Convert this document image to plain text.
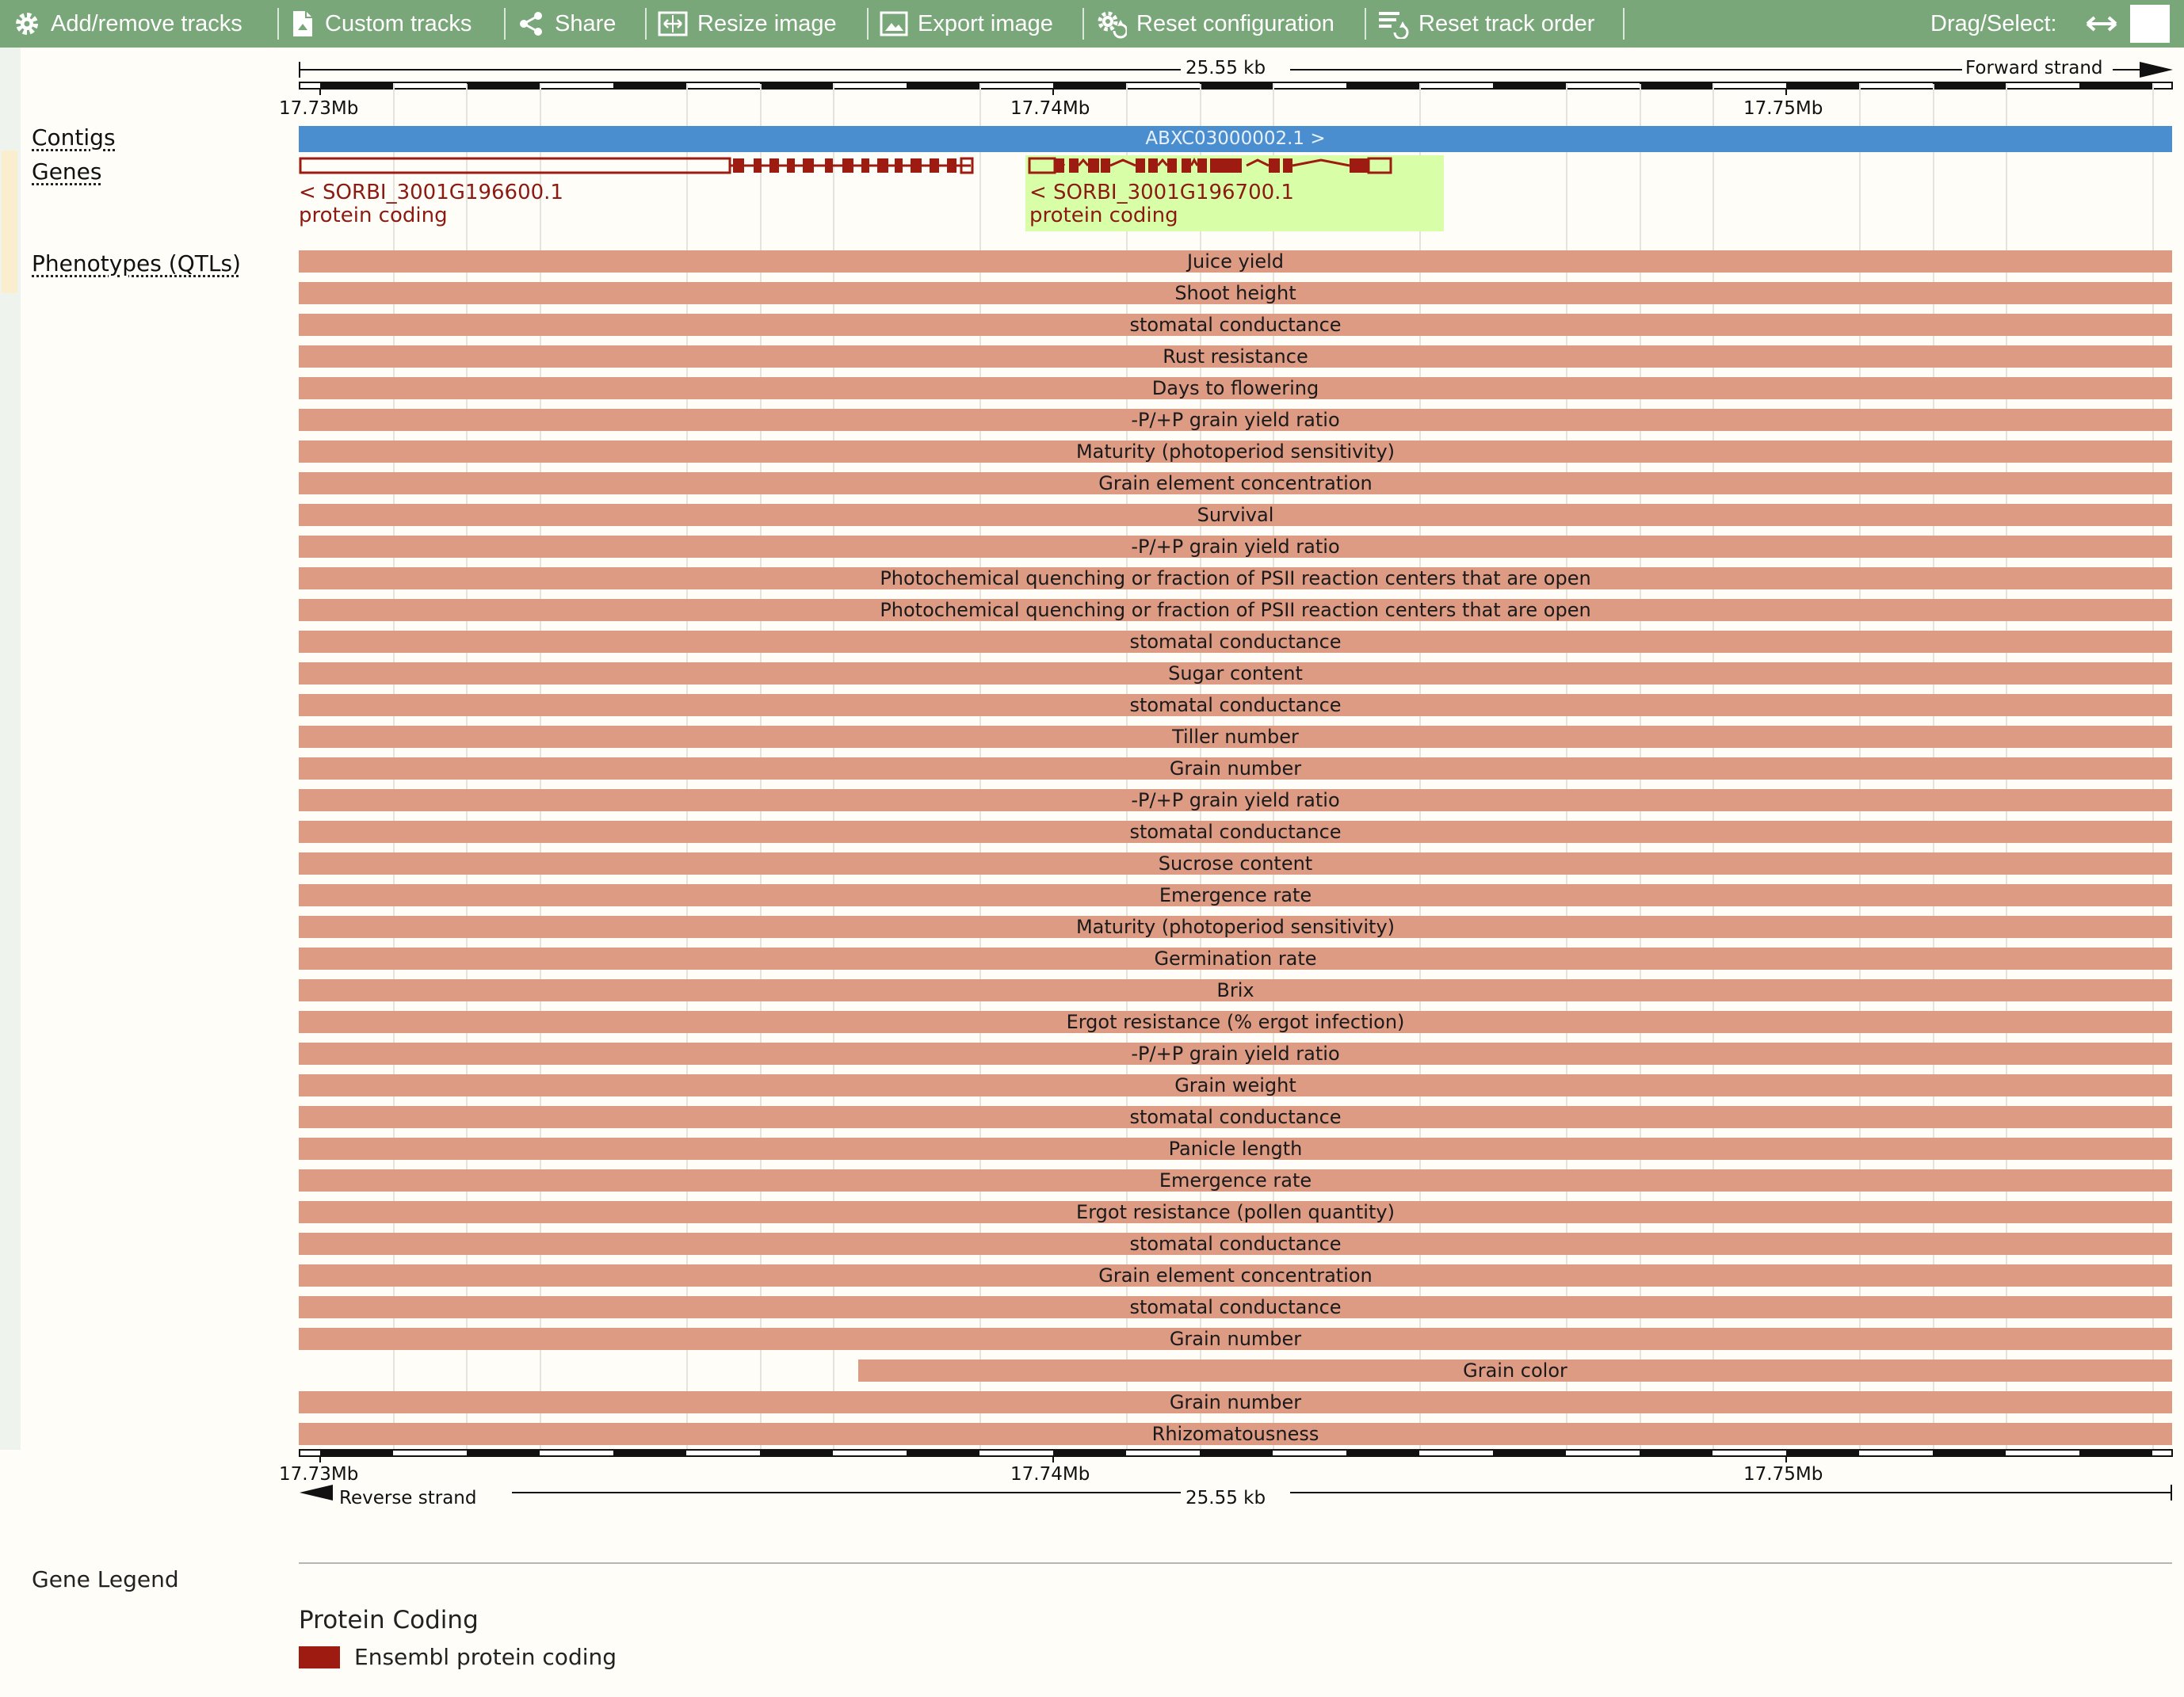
Add/remove tracks	Custom tracks	Share	Resize image	Export image	Reset configuration	Reset track order	Drag/Select:
25.55 kb	Forward strand
17.73Mb	17.74Mb	17.75Mb
Contigs
Genes
Phenotypes (QTLs)
ABXC03000002.1 >
< SORBI_3001G196600.1
protein coding
< SORBI_3001G196700.1
protein coding
Juice yield
Shoot height
stomatal conductance
Rust resistance
Days to flowering
-P/+P grain yield ratio
Maturity (photoperiod sensitivity)
Grain element concentration
Survival
-P/+P grain yield ratio
Photochemical quenching or fraction of PSII reaction centers that are open
Photochemical quenching or fraction of PSII reaction centers that are open
stomatal conductance
Sugar content
stomatal conductance
Tiller number
Grain number
-P/+P grain yield ratio
stomatal conductance
Sucrose content
Emergence rate
Maturity (photoperiod sensitivity)
Germination rate
Brix
Ergot resistance (% ergot infection)
-P/+P grain yield ratio
Grain weight
stomatal conductance
Panicle length
Emergence rate
Ergot resistance (pollen quantity)
stomatal conductance
Grain element concentration
stomatal conductance
Grain number
Grain color
Grain number
Rhizomatousness
17.73Mb	17.74Mb	17.75Mb
Reverse strand	25.55 kb
Gene Legend
Protein Coding
Ensembl protein coding
